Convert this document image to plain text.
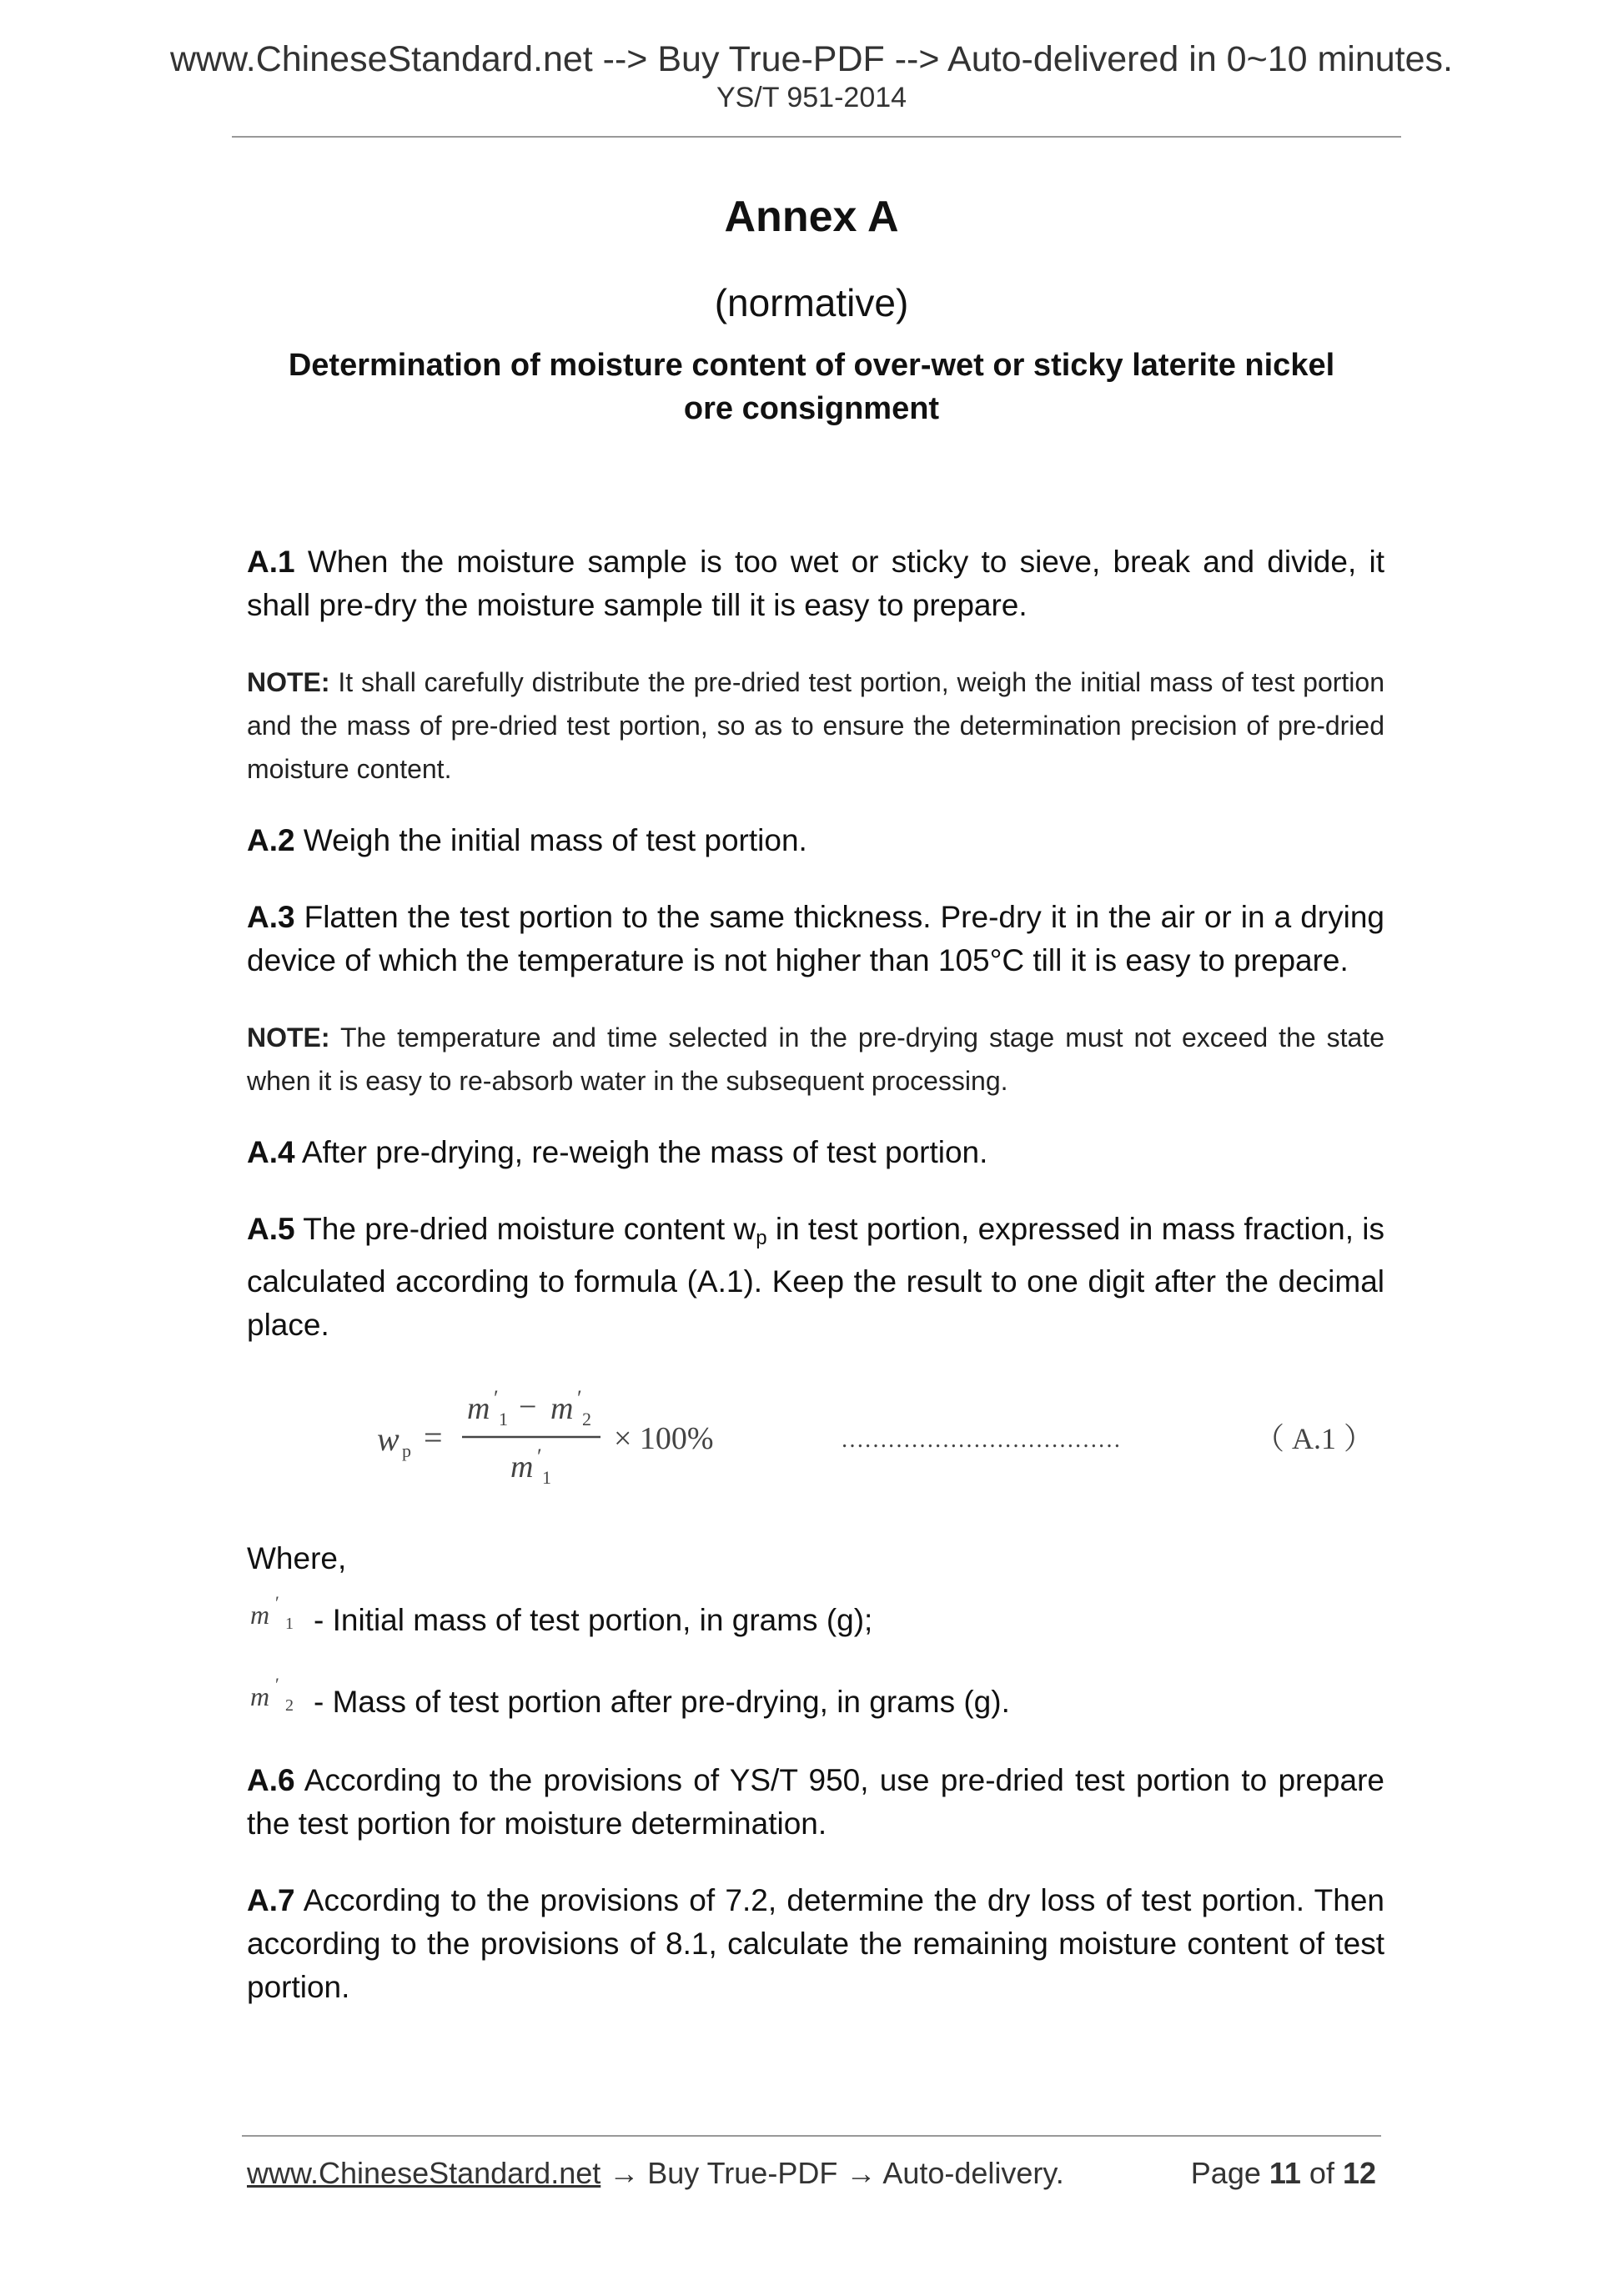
www.ChineseStandard.net --> Buy True-PDF --> Auto-delivered in 0~10 minutes.
YS/T 951-2014
Annex A
(normative)
Determination of moisture content of over-wet or sticky laterite nickel
ore consignment

A.1 When the moisture sample is too wet or sticky to sieve, break and divide, it shall pre-dry the moisture sample till it is easy to prepare.

NOTE: It shall carefully distribute the pre-dried test portion, weigh the initial mass of test portion and the mass of pre-dried test portion, so as to ensure the determination precision of pre-dried moisture content.

A.2 Weigh the initial mass of test portion.

A.3 Flatten the test portion to the same thickness. Pre-dry it in the air or in a drying device of which the temperature is not higher than 105°C till it is easy to prepare.

NOTE: The temperature and time selected in the pre-drying stage must not exceed the state when it is easy to re-absorb water in the subsequent processing.

A.4 After pre-drying, re-weigh the mass of test portion.

A.5 The pre-dried moisture content $w_p$ in test portion, expressed in mass fraction, is calculated according to formula (A.1). Keep the result to one digit after the decimal place.

w p =
m ′
1 − m ′
2
m ′
1
× 100%	………………………………	（ A.1 ）

Where,

m ′
1 - Initial mass of test portion, in grams (g);
m ′
2 - Mass of test portion after pre-drying, in grams (g).

A.6 According to the provisions of YS/T 950, use pre-dried test portion to prepare the test portion for moisture determination.

A.7 According to the provisions of 7.2, determine the dry loss of test portion. Then according to the provisions of 8.1, calculate the remaining moisture content of test portion.

www.ChineseStandard.net → Buy True-PDF → Auto-delivery.	Page 11 of 12
